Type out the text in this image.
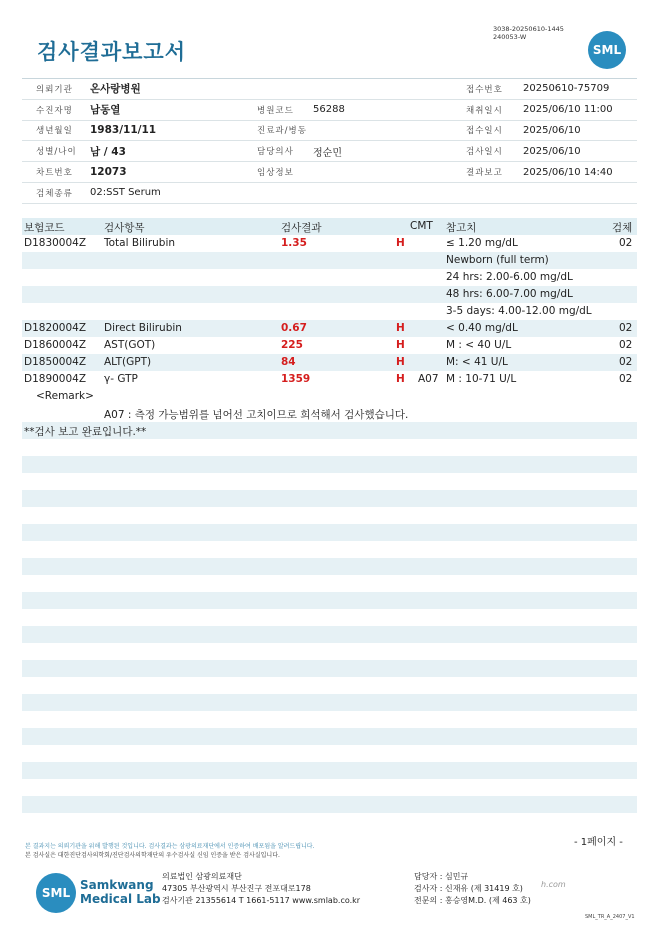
검사결과보고서
3038-20250610-1445
240053-W
SML
의뢰기관 온사랑병원	접수번호 20250610-75709
수진자명 남동열	병원코드 56288	채취일시 2025/06/10 11:00
생년월일 1983/11/11	진료과/병동	접수일시 2025/06/10
성별/나이 남 / 43	담당의사 정순민	검사일시 2025/06/10
차트번호 12073	임상정보	결과보고 2025/06/10 14:40
검체종류 02:SST Serum
보험코드	검사항목	검사결과	CMT 참고치	검체
D1830004Z Total Bilirubin	1.35	H	≤ 1.20 mg/dL	02
Newborn (full term)
24 hrs: 2.00-6.00 mg/dL
48 hrs: 6.00-7.00 mg/dL
3-5 days: 4.00-12.00 mg/dL
D1820004Z Direct Bilirubin	0.67	H	< 0.40 mg/dL	02
D1860004Z AST(GOT)	225	H	M : < 40 U/L	02
D1850004Z ALT(GPT)	84	H	M: < 41 U/L	02
D1890004Z γ- GTP	1359	H A07 M : 10-71 U/L	02
<Remark>
A07 : 측정 가능범위를 넘어선 고치이므로 희석해서 검사했습니다.
**검사 보고 완료입니다.**
본 결과지는 의뢰기관을 위해 발행된 것입니다. 검사결과는 삼광의료재단에서 인증하여 배포됨을 알려드립니다.
본 검사실은 대한진단검사의학회/진단검사의학재단의 우수검사실 신임 인증을 받은 검사실입니다.
- 1페이지 -
SML
Samkwang
Medical Lab
의료법인 삼광의료재단
47305 부산광역시 부산진구 전포대로178
검사기관 21355614 T 1661-5117 www.smlab.co.kr
담당자 : 심민규
검사자 : 신재유 (제 31419 호)
전문의 : 홍승영M.D. (제 463 호)
h.com
SML_TR_A_2407_V1
